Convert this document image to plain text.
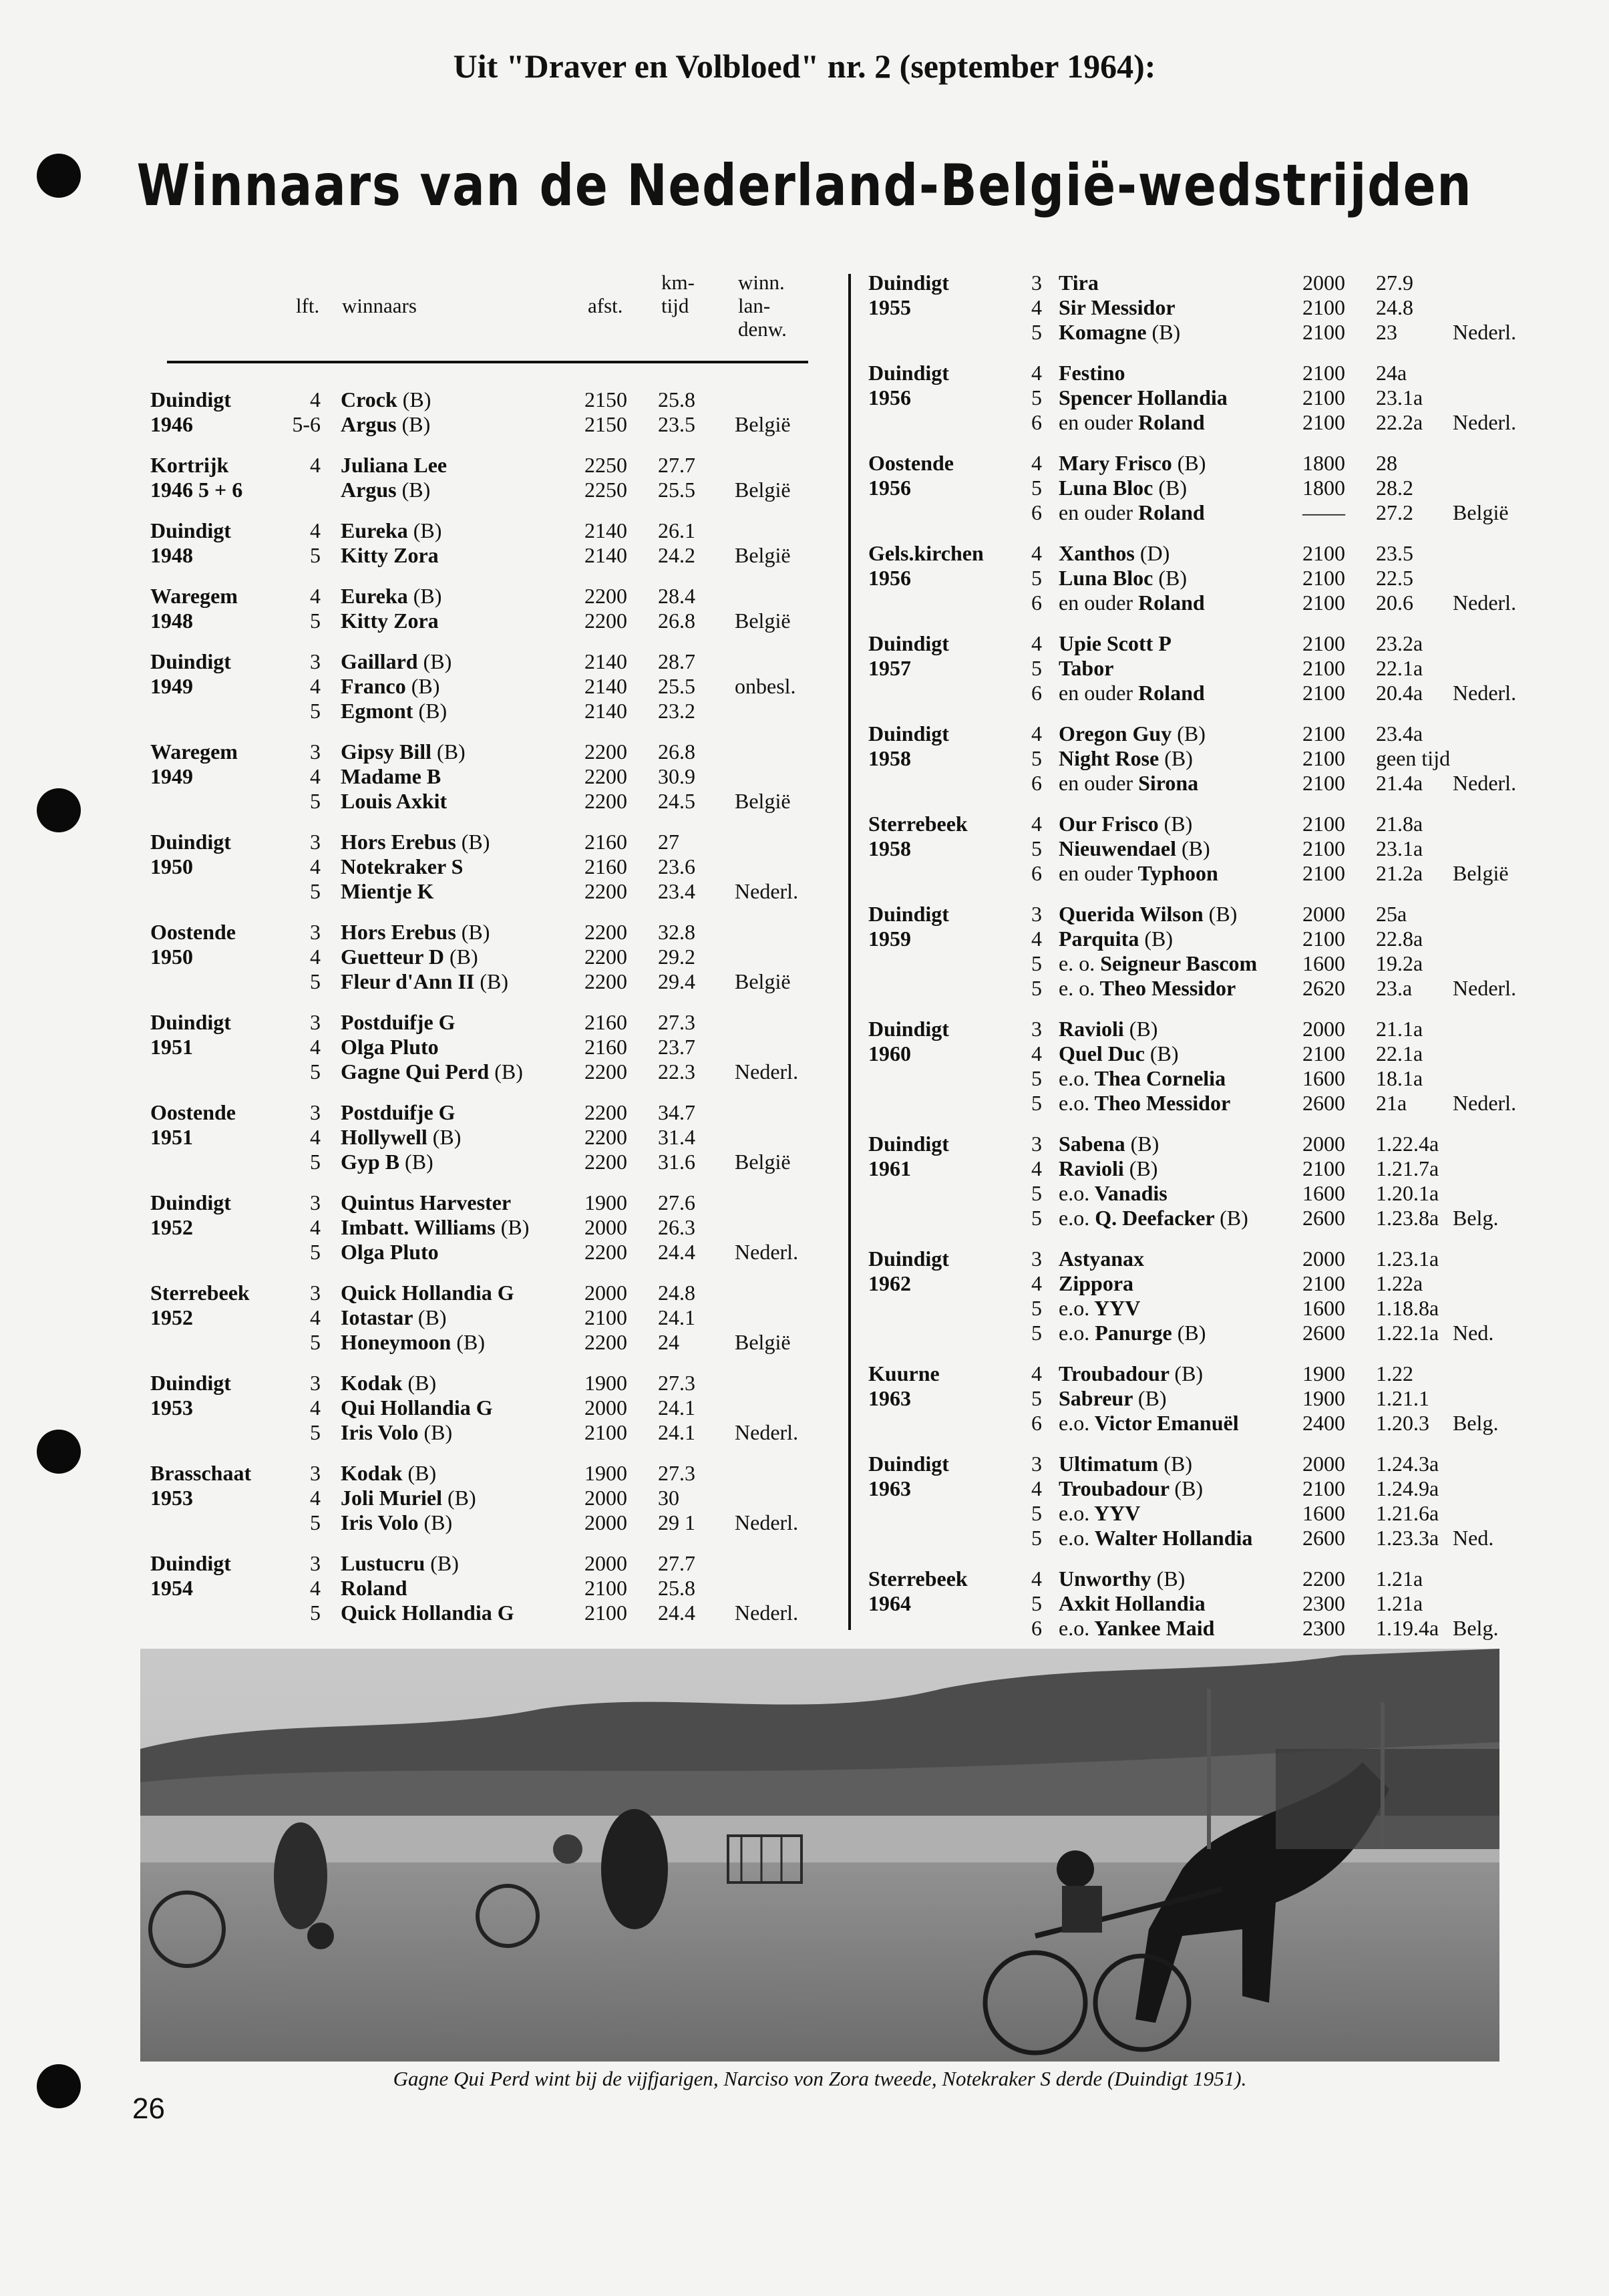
Uit "Draver en Volbloed" nr. 2 (september 1964):
Winnaars van de Nederland-België-wedstrijden
lft. winnaars	afst.
km-
tijd
winn.
lan-
denw.
Duindigt	4 Crock (B)	2150 25.8
1946	5-6 Argus (B)	2150 23.5 België
Kortrijk	4 Juliana Lee	2250 27.7
1946 5 + 6	Argus (B)	2250 25.5 België
Duindigt	4 Eureka (B)	2140 26.1
1948	5 Kitty Zora	2140 24.2 België
Waregem	4 Eureka (B)	2200 28.4
1948	5 Kitty Zora	2200 26.8 België
Duindigt	3 Gaillard (B)	2140 28.7
1949	4 Franco (B)	2140 25.5 onbesl.
5 Egmont (B)	2140 23.2
Waregem	3 Gipsy Bill (B)	2200 26.8
1949	4 Madame B	2200 30.9
5 Louis Axkit	2200 24.5 België
Duindigt	3 Hors Erebus (B)	2160 27
1950	4 Notekraker S	2160 23.6
5 Mientje K	2200 23.4 Nederl.
Oostende	3 Hors Erebus (B)	2200 32.8
1950	4 Guetteur D (B)	2200 29.2
5 Fleur d'Ann II (B)	2200 29.4 België
Duindigt	3 Postduifje G	2160 27.3
1951	4 Olga Pluto	2160 23.7
5 Gagne Qui Perd (B)	2200 22.3 Nederl.
Oostende	3 Postduifje G	2200 34.7
1951	4 Hollywell (B)	2200 31.4
5 Gyp B (B)	2200 31.6 België
Duindigt	3 Quintus Harvester	1900 27.6
1952	4 Imbatt. Williams (B)	2000 26.3
5 Olga Pluto	2200 24.4 Nederl.
Sterrebeek	3 Quick Hollandia G	2000 24.8
1952	4 Iotastar (B)	2100 24.1
5 Honeymoon (B)	2200 24	België
Duindigt	3 Kodak (B)	1900 27.3
1953	4 Qui Hollandia G	2000 24.1
5 Iris Volo (B)	2100 24.1 Nederl.
Brasschaat	3 Kodak (B)	1900 27.3
1953	4 Joli Muriel (B)	2000 30
5 Iris Volo (B)	2000 29 1 Nederl.
Duindigt	3 Lustucru (B)	2000 27.7
1954	4 Roland	2100 25.8
5 Quick Hollandia G	2100 24.4 Nederl.
Duindigt	3 Tira	2000 27.9
1955	4 Sir Messidor	2100 24.8
5 Komagne (B)	2100 23	Nederl.
Duindigt	4 Festino	2100 24a
1956	5 Spencer Hollandia	2100 23.1a
6 en ouder Roland	2100 22.2a Nederl.
Oostende	4 Mary Frisco (B)	1800 28
1956	5 Luna Bloc (B)	1800 28.2
6 en ouder Roland	—— 27.2 België
Gels.kirchen	4 Xanthos (D)	2100 23.5
1956	5 Luna Bloc (B)	2100 22.5
6 en ouder Roland	2100 20.6 Nederl.
Duindigt	4 Upie Scott P	2100 23.2a
1957	5 Tabor	2100 22.1a
6 en ouder Roland	2100 20.4a Nederl.
Duindigt	4 Oregon Guy (B)	2100 23.4a
1958	5 Night Rose (B)	2100 geen tijd
6 en ouder Sirona	2100 21.4a Nederl.
Sterrebeek	4 Our Frisco (B)	2100 21.8a
1958	5 Nieuwendael (B)	2100 23.1a
6 en ouder Typhoon	2100 21.2a België
Duindigt	3 Querida Wilson (B)	2000 25a
1959	4 Parquita (B)	2100 22.8a
5 e. o. Seigneur Bascom 1600 19.2a
5 e. o. Theo Messidor	2620 23.a Nederl.
Duindigt	3 Ravioli (B)	2000 21.1a
1960	4 Quel Duc (B)	2100 22.1a
5 e.o. Thea Cornelia	1600 18.1a
5 e.o. Theo Messidor	2600 21a Nederl.
Duindigt	3 Sabena (B)	2000 1.22.4a
1961	4 Ravioli (B)	2100 1.21.7a
5 e.o. Vanadis	1600 1.20.1a
5 e.o. Q. Deefacker (B)	2600 1.23.8a Belg.
Duindigt	3 Astyanax	2000 1.23.1a
1962	4 Zippora	2100 1.22a
5 e.o. YYV	1600 1.18.8a
5 e.o. Panurge (B)	2600 1.22.1a Ned.
Kuurne	4 Troubadour (B)	1900 1.22
1963	5 Sabreur (B)	1900 1.21.1
6 e.o. Victor Emanuël	2400 1.20.3 Belg.
Duindigt	3 Ultimatum (B)	2000 1.24.3a
1963	4 Troubadour (B)	2100 1.24.9a
5 e.o. YYV	1600 1.21.6a
5 e.o. Walter Hollandia 2600 1.23.3a Ned.
Sterrebeek	4 Unworthy (B)	2200 1.21a
1964	5 Axkit Hollandia	2300 1.21a
6 e.o. Yankee Maid	2300 1.19.4a Belg.
Gagne Qui Perd wint bij de vijfjarigen, Narciso von Zora tweede, Notekraker S derde (Duindigt 1951).
26
